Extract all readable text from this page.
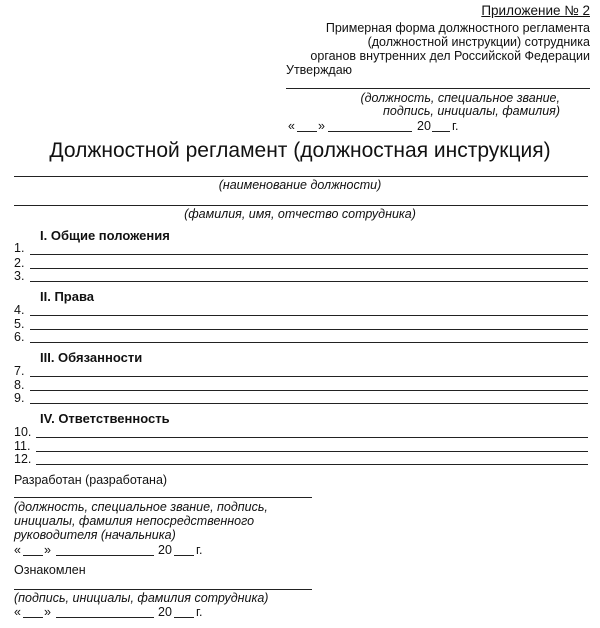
Приложение № 2
Примерная форма должностного регламента
(должностной инструкции) сотрудника
органов внутренних дел Российской Федерации
Утверждаю
(должность, специальное звание,
подпись, инициалы, фамилия)
« »	20 г.
Должностной регламент (должностная инструкция)
(наименование должности)
(фамилия, имя, отчество сотрудника)
I. Общие положения
1.
2.
3.
II. Права
4.
5.
6.
III. Обязанности
7.
8.
9.
IV. Ответственность
10.
11.
12.
Разработан (разработана)
(должность, специальное звание, подпись,
инициалы, фамилия непосредственного
руководителя (начальника)
« »	20 г.
Ознакомлен
(подпись, инициалы, фамилия сотрудника)
« »	20 г.
